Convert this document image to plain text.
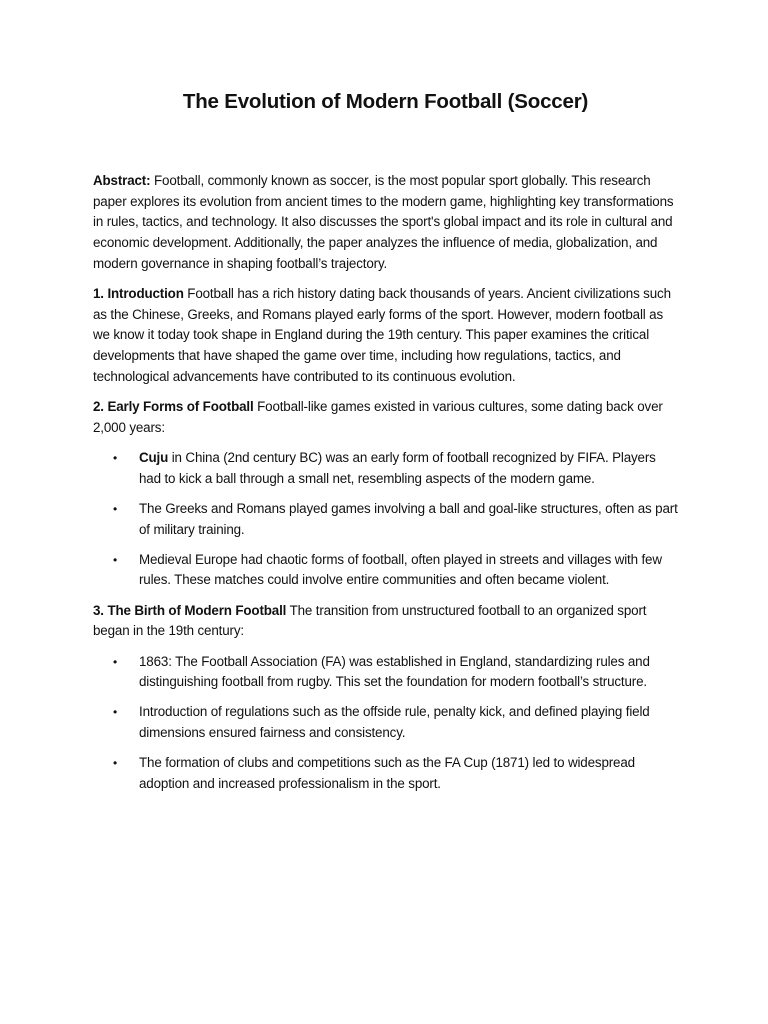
The Evolution of Modern Football (Soccer)

Abstract: Football, commonly known as soccer, is the most popular sport globally. This research paper explores its evolution from ancient times to the modern game, highlighting key transformations in rules, tactics, and technology. It also discusses the sport's global impact and its role in cultural and economic development. Additionally, the paper analyzes the influence of media, globalization, and modern governance in shaping football’s trajectory.

1. Introduction Football has a rich history dating back thousands of years. Ancient civilizations such as the Chinese, Greeks, and Romans played early forms of the sport. However, modern football as we know it today took shape in England during the 19th century. This paper examines the critical developments that have shaped the game over time, including how regulations, tactics, and technological advancements have contributed to its continuous evolution.

2. Early Forms of Football Football-like games existed in various cultures, some dating back over 2,000 years:

• Cuju in China (2nd century BC) was an early form of football recognized by FIFA. Players had to kick a ball through a small net, resembling aspects of the modern game.
• The Greeks and Romans played games involving a ball and goal-like structures, often as part of military training.
• Medieval Europe had chaotic forms of football, often played in streets and villages with few rules. These matches could involve entire communities and often became violent.

3. The Birth of Modern Football The transition from unstructured football to an organized sport began in the 19th century:

• 1863: The Football Association (FA) was established in England, standardizing rules and distinguishing football from rugby. This set the foundation for modern football’s structure.
• Introduction of regulations such as the offside rule, penalty kick, and defined playing field dimensions ensured fairness and consistency.
• The formation of clubs and competitions such as the FA Cup (1871) led to widespread adoption and increased professionalism in the sport.
